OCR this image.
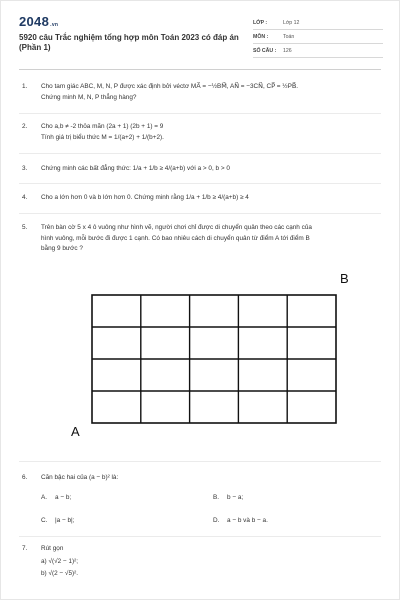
2048.vn
5920 câu Trắc nghiệm tổng hợp môn Toán 2023 có đáp án (Phần 1)
LỚP :	Lớp 12
MÔN :	Toán
SỐ CÂU :	126
1. Cho tam giác ABC, M, N, P được xác định bởi véctơ MA⃗ = −½BM⃗, AN⃗ = −3CN⃗, CP⃗ = ½PB⃗.
Chứng minh M, N, P thẳng hàng?
2. Cho a,b ≠ -2 thỏa mãn (2a + 1) (2b + 1) = 9
Tính giá trị biểu thức M = 1/(a+2) + 1/(b+2).
3. Chứng minh các bất đẳng thức: 1/a + 1/b ≥ 4/(a+b) với a > 0, b > 0
4. Cho a lớn hơn 0 và b lớn hơn 0. Chứng minh rằng 1/a + 1/b ≥ 4/(a+b) ≥ 4
5. Trên bàn cờ 5 x 4 ô vuông như hình vẽ, người chơi chỉ được di chuyển quân theo các cạnh của
hình vuông, mỗi bước đi được 1 cạnh. Có bao nhiêu cách di chuyển quân từ điểm A tới điểm B
bằng 9 bước ?
B
A
6. Căn bậc hai của (a − b)² là:
A. a − b;	B. b − a;
C. |a − b|;	D. a − b và b − a.
7. Rút gọn
a) √(√2 − 1)²;
b) √(2 − √5)².
